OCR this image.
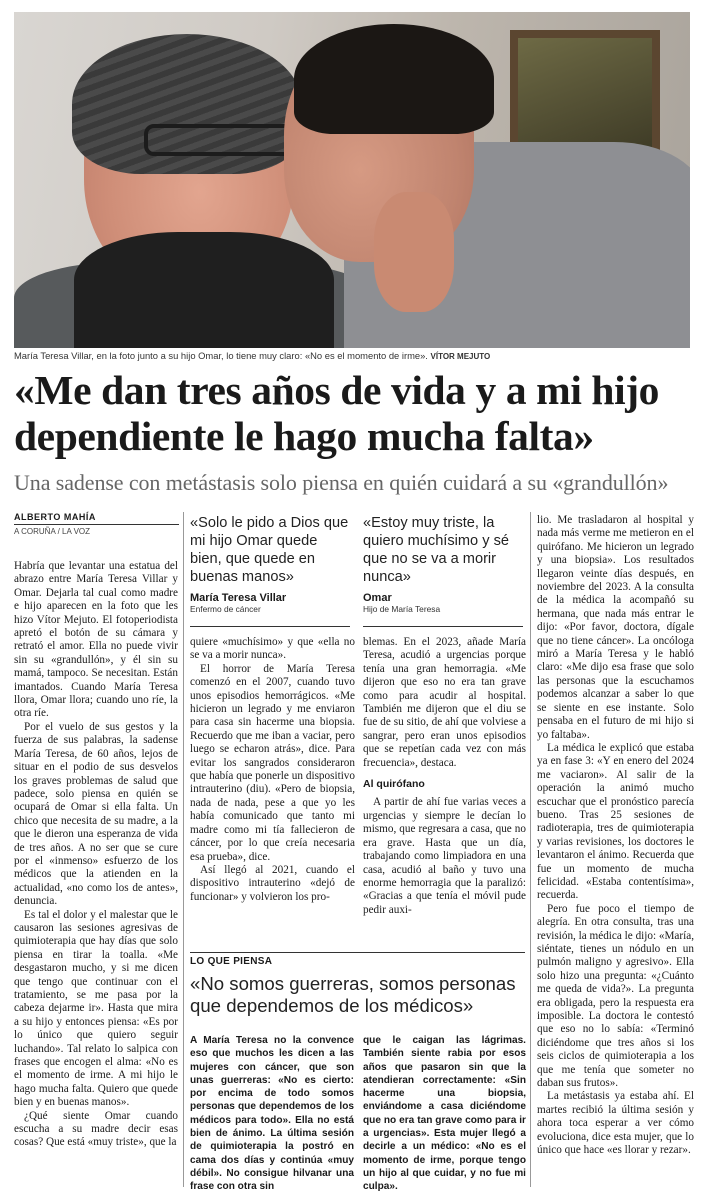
María Teresa Villar, en la foto junto a su hijo Omar, lo tiene muy claro: «No es el momento de irme». VÍTOR MEJUTO
«Me dan tres años de vida y a mi hijo
dependiente le hago mucha falta»
Una sadense con metástasis solo piensa en quién cuidará a su «grandullón»
ALBERTO MAHÍA
A CORUÑA / LA VOZ

Habría que levantar una estatua del abrazo entre María Teresa Villar y Omar. Dejarla tal cual como madre e hijo aparecen en la foto que les hizo Vítor Mejuto. El fotoperiodista apretó el botón de su cámara y retrató el amor. Ella no puede vivir sin su «grandullón», y él sin su mamá, tampoco. Se necesitan. Están imantados. Cuando María Teresa llora, Omar llora; cuando uno ríe, la otra ríe.

Por el vuelo de sus gestos y la fuerza de sus palabras, la sadense María Teresa, de 60 años, lejos de situar en el podio de sus desvelos los graves problemas de salud que padece, solo piensa en quién se ocupará de Omar si ella falta. Un chico que necesita de su madre, a la que le dieron una esperanza de vida de tres años. A no ser que se cure por el «inmenso» esfuerzo de los médicos que la atienden en la actualidad, «no como los de antes», denuncia.

Es tal el dolor y el malestar que le causaron las sesiones agresivas de quimioterapia que hay días que solo piensa en tirar la toalla. «Me desgastaron mucho, y si me dicen que tengo que continuar con el tratamiento, se me pasa por la cabeza dejarme ir». Hasta que mira a su hijo y entonces piensa: «Es por lo único que quiero seguir luchando». Tal relato lo salpica con frases que encogen el alma: «No es el momento de irme. A mi hijo le hago mucha falta. Quiero que quede bien y en buenas manos».

¿Qué siente Omar cuando escucha a su madre decir esas cosas? Que está «muy triste», que la

«Solo le pido a Dios que mi hijo Omar quede bien, que quede en buenas manos»
María Teresa Villar
Enfermo de cáncer
«Estoy muy triste, la quiero muchísimo y sé que no se va a morir nunca»
Omar
Hijo de María Teresa

quiere «muchísimo» y que «ella no se va a morir nunca».

El horror de María Teresa comenzó en el 2007, cuando tuvo unos episodios hemorrágicos. «Me hicieron un legrado y me enviaron para casa sin hacerme una biopsia. Recuerdo que me iban a vaciar, pero luego se echaron atrás», dice. Para evitar los sangrados consideraron que había que ponerle un dispositivo intrauterino (diu). «Pero de biopsia, nada de nada, pese a que yo les había comunicado que tanto mi madre como mi tía fallecieron de cáncer, por lo que creía necesaria esa prueba», dice.

Así llegó al 2021, cuando el dispositivo intrauterino «dejó de funcionar» y volvieron los pro-

blemas. En el 2023, añade María Teresa, acudió a urgencias porque tenía una gran hemorragia. «Me dijeron que eso no era tan grave como para acudir al hospital. También me dijeron que el diu se fue de su sitio, de ahí que volviese a sangrar, pero eran unos episodios que se repetían cada vez con más frecuencia», destaca.

Al quirófano

A partir de ahí fue varias veces a urgencias y siempre le decían lo mismo, que regresara a casa, que no era grave. Hasta que un día, trabajando como limpiadora en una casa, acudió al baño y tuvo una enorme hemorragia que la paralizó: «Gracias a que tenía el móvil pude pedir auxi-

lio. Me trasladaron al hospital y nada más verme me metieron en el quirófano. Me hicieron un legrado y una biopsia». Los resultados llegaron veinte días después, en noviembre del 2023. A la consulta de la médica la acompañó su hermana, que nada más entrar le dijo: «Por favor, doctora, dígale que no tiene cáncer». La oncóloga miró a María Teresa y le habló claro: «Me dijo esa frase que solo las personas que la escuchamos podemos alcanzar a saber lo que se siente en ese instante. Solo pensaba en el futuro de mi hijo si yo faltaba».

La médica le explicó que estaba ya en fase 3: «Y en enero del 2024 me vaciaron». Al salir de la operación la animó mucho escuchar que el pronóstico parecía bueno. Tras 25 sesiones de radioterapia, tres de quimioterapia y varias revisiones, los doctores le levantaron el ánimo. Recuerda que fue un momento de mucha felicidad. «Estaba contentísima», recuerda.

Pero fue poco el tiempo de alegría. En otra consulta, tras una revisión, la médica le dijo: «María, siéntate, tienes un nódulo en un pulmón maligno y agresivo». Ella solo hizo una pregunta: «¿Cuánto me queda de vida?». La pregunta era obligada, pero la respuesta era imposible. La doctora le contestó que eso no lo sabía: «Terminó diciéndome que tres años si los seis ciclos de quimioterapia a los que me tenía que someter no daban sus frutos».

La metástasis ya estaba ahí. El martes recibió la última sesión y ahora toca esperar a ver cómo evoluciona, dice esta mujer, que lo único que hace «es llorar y rezar».

LO QUE PIENSA
«No somos guerreras, somos personas que dependemos de los médicos»
A María Teresa no la convence eso que muchos les dicen a las mujeres con cáncer, que son unas guerreras: «No es cierto: por encima de todo somos personas que dependemos de los médicos para todo». Ella no está bien de ánimo. La última sesión de quimioterapia la postró en cama dos días y continúa «muy débil». No consigue hilvanar una frase con otra sin
que le caigan las lágrimas. También siente rabia por esos años que pasaron sin que la atendieran correctamente: «Sin hacerme una biopsia, enviándome a casa diciéndome que no era tan grave como para ir a urgencias». Esta mujer llegó a decirle a un médico: «No es el momento de irme, porque tengo un hijo al que cuidar, y no fue mi culpa».
